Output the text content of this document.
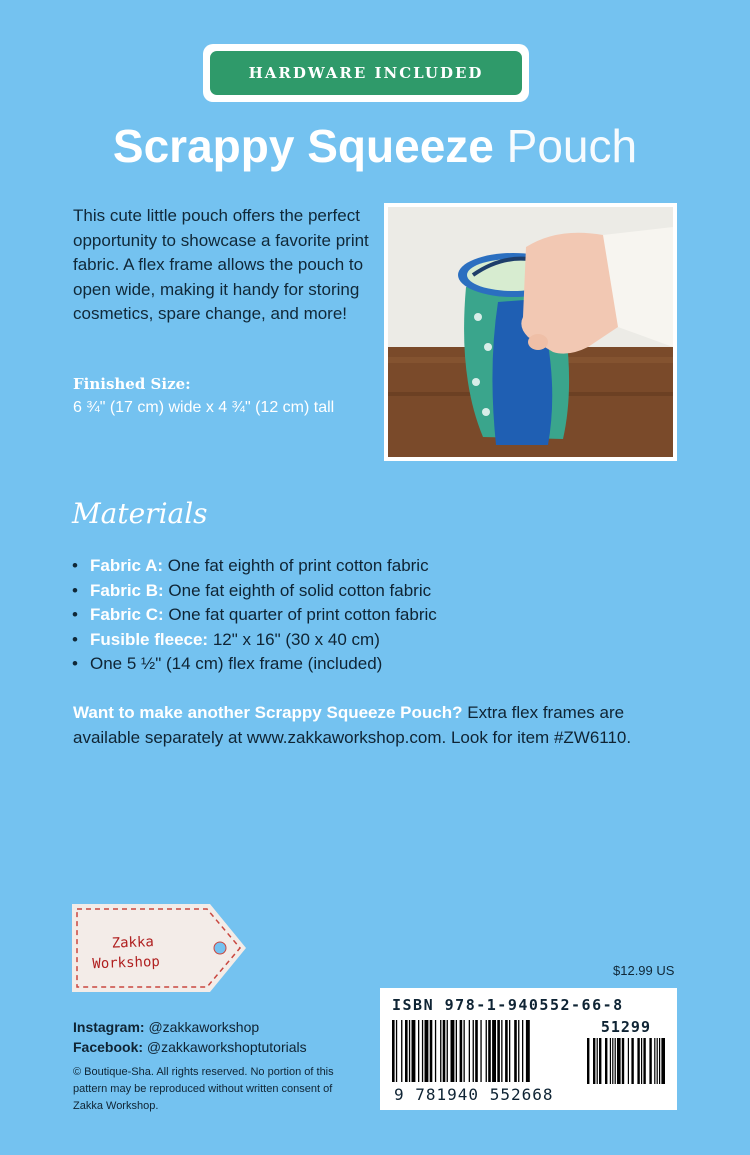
HARDWARE INCLUDED
Scrappy Squeeze Pouch

This cute little pouch offers the perfect opportunity to showcase a favorite print fabric. A flex frame allows the pouch to open wide, making it handy for storing cosmetics, spare change, and more!

Finished Size:
6 ¾" (17 cm) wide x 4 ¾" (12 cm) tall
Materials
• Fabric A: One fat eighth of print cotton fabric
• Fabric B: One fat eighth of solid cotton fabric
• Fabric C: One fat quarter of print cotton fabric
• Fusible fleece: 12" x 16" (30 x 40 cm)
• One 5 ½" (14 cm) flex frame (included)

Want to make another Scrappy Squeeze Pouch? Extra flex frames are available separately at www.zakkaworkshop.com. Look for item #ZW6110.

Zakka
Workshop
Instagram: @zakkaworkshop
Facebook: @zakkaworkshoptutorials
© Boutique-Sha. All rights reserved. No portion of this pattern may be reproduced without written consent of Zakka Workshop.
$12.99 US
ISBN 978-1-940552-66-8
51299
9 781940 552668
